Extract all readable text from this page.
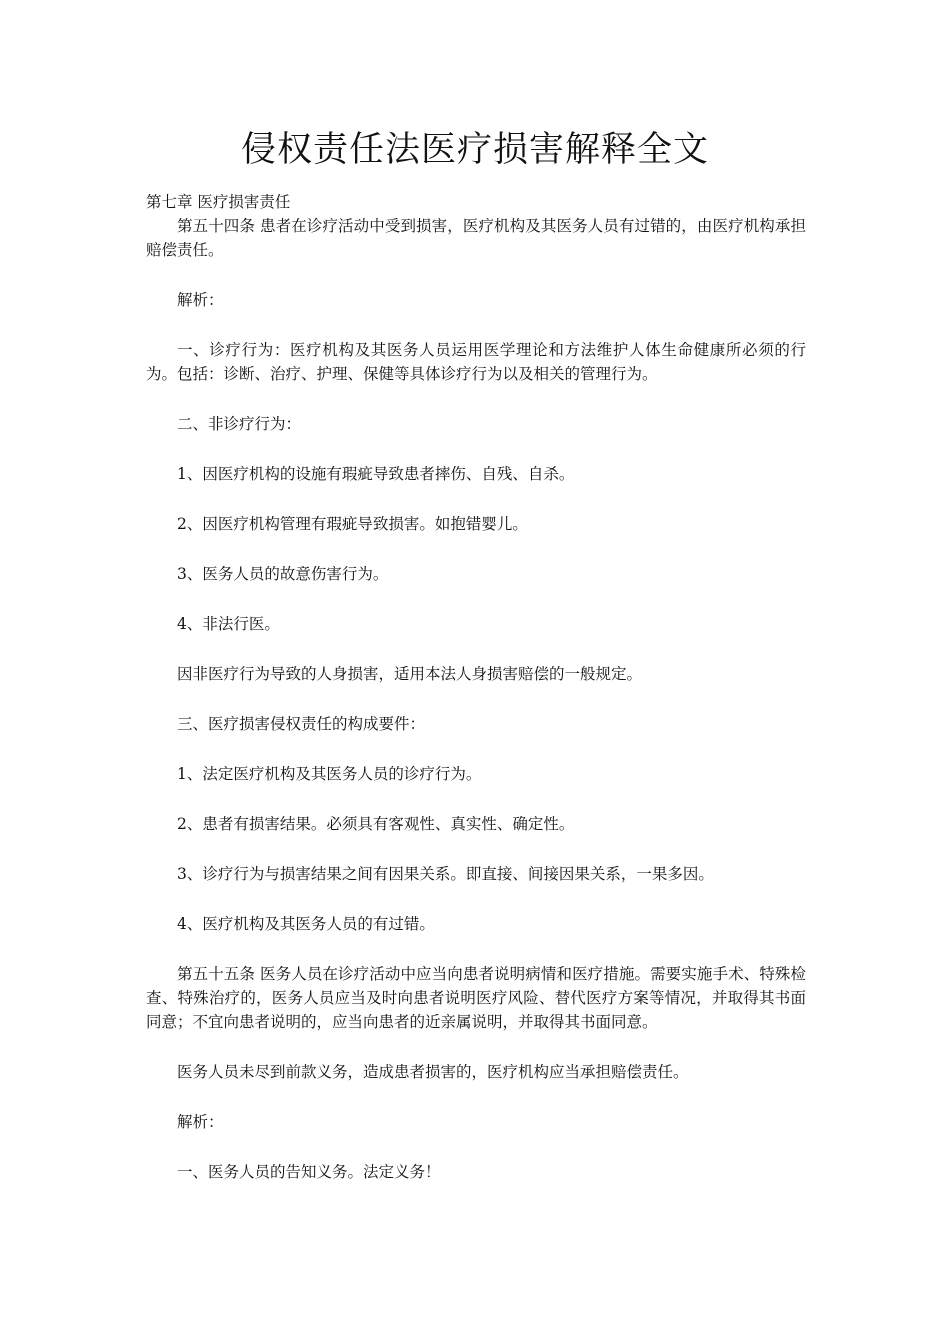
侵权责任法医疗损害解释全文

第七章 医疗损害责任

第五十四条 患者在诊疗活动中受到损害，医疗机构及其医务人员有过错的，由医疗机构承担赔偿责任。

解析：

一、诊疗行为：医疗机构及其医务人员运用医学理论和方法维护人体生命健康所必须的行为。包括：诊断、治疗、护理、保健等具体诊疗行为以及相关的管理行为。

二、非诊疗行为：

1、因医疗机构的设施有瑕疵导致患者摔伤、自残、自杀。

2、因医疗机构管理有瑕疵导致损害。如抱错婴儿。

3、医务人员的故意伤害行为。

4、非法行医。

因非医疗行为导致的人身损害，适用本法人身损害赔偿的一般规定。

三、医疗损害侵权责任的构成要件：

1、法定医疗机构及其医务人员的诊疗行为。

2、患者有损害结果。必须具有客观性、真实性、确定性。

3、诊疗行为与损害结果之间有因果关系。即直接、间接因果关系，一果多因。

4、医疗机构及其医务人员的有过错。

第五十五条 医务人员在诊疗活动中应当向患者说明病情和医疗措施。需要实施手术、特殊检查、特殊治疗的，医务人员应当及时向患者说明医疗风险、替代医疗方案等情况，并取得其书面同意；不宜向患者说明的，应当向患者的近亲属说明，并取得其书面同意。

医务人员未尽到前款义务，造成患者损害的，医疗机构应当承担赔偿责任。

解析：

一、医务人员的告知义务。法定义务！
